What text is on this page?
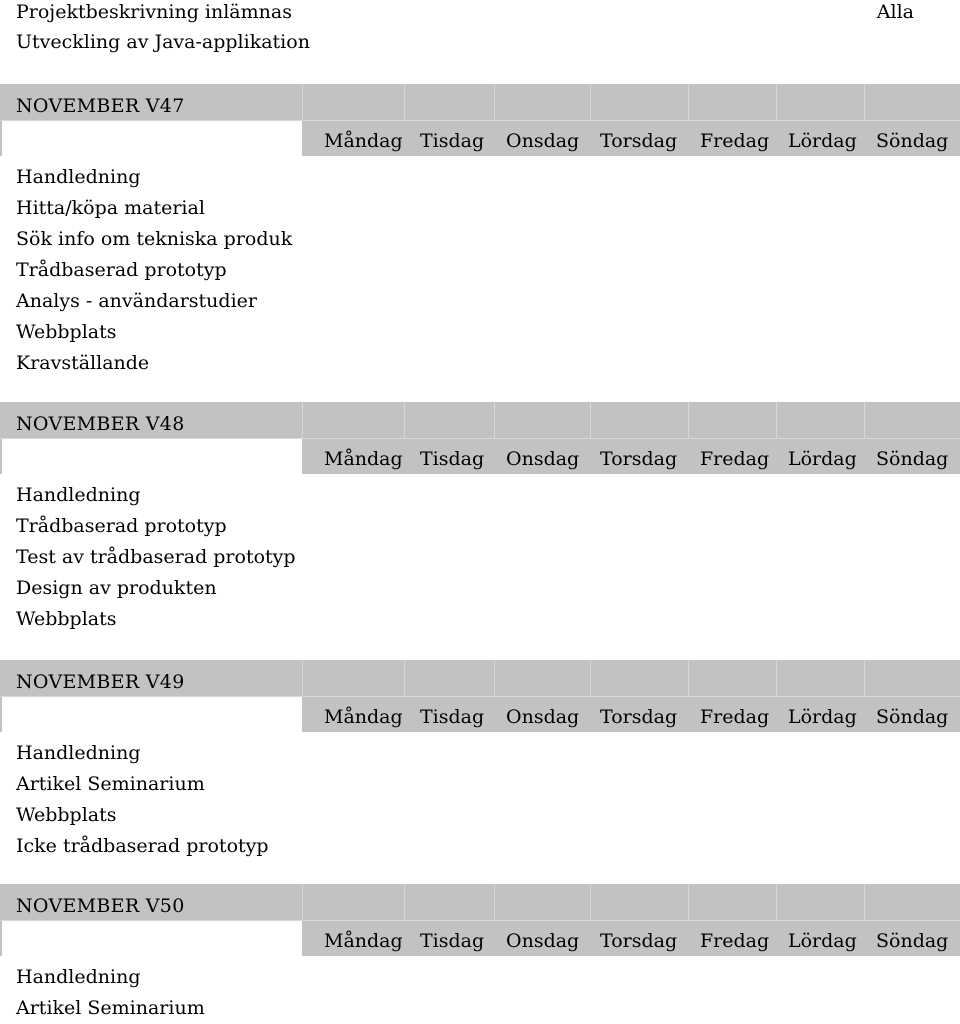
Projektbeskrivning inlämnas
Utveckling av Java-applikation
Alla
NOVEMBER V47
Måndag Tisdag Onsdag Torsdag Fredag Lördag Söndag
Handledning
Hitta/köpa material
Sök info om tekniska produk
Trådbaserad prototyp
Analys - användarstudier
Webbplats
Kravställande
NOVEMBER V48
Måndag Tisdag Onsdag Torsdag Fredag Lördag Söndag
Handledning
Trådbaserad prototyp
Test av trådbaserad prototyp
Design av produkten
Webbplats
NOVEMBER V49
Måndag Tisdag Onsdag Torsdag Fredag Lördag Söndag
Handledning
Artikel Seminarium
Webbplats
Icke trådbaserad prototyp
NOVEMBER V50
Måndag Tisdag Onsdag Torsdag Fredag Lördag Söndag
Handledning
Artikel Seminarium
